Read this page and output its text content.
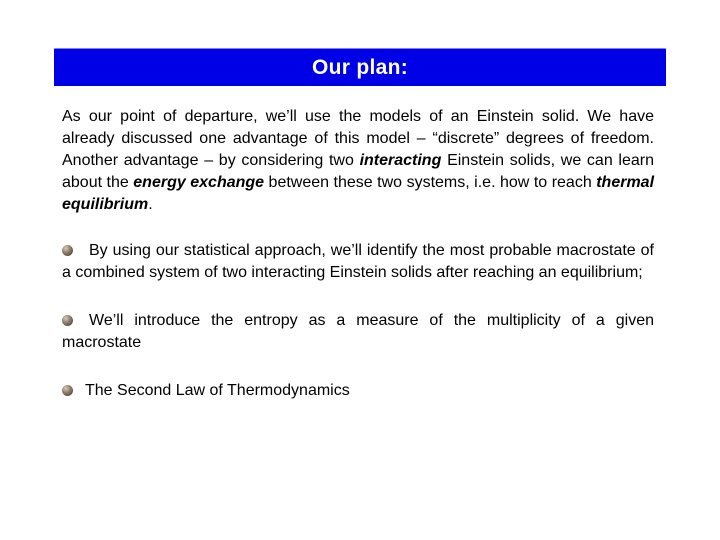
Our plan:

As our point of departure, we’ll use the models of an Einstein solid. We have already discussed one advantage of this model – “discrete” degrees of freedom. Another advantage – by considering two interacting Einstein solids, we can learn about the energy exchange between these two systems, i.e. how to reach thermal equilibrium.

By using our statistical approach, we’ll identify the most probable macrostate of a combined system of two interacting Einstein solids after reaching an equilibrium;

We’ll introduce the entropy as a measure of the multiplicity of a given macrostate

The Second Law of Thermodynamics
